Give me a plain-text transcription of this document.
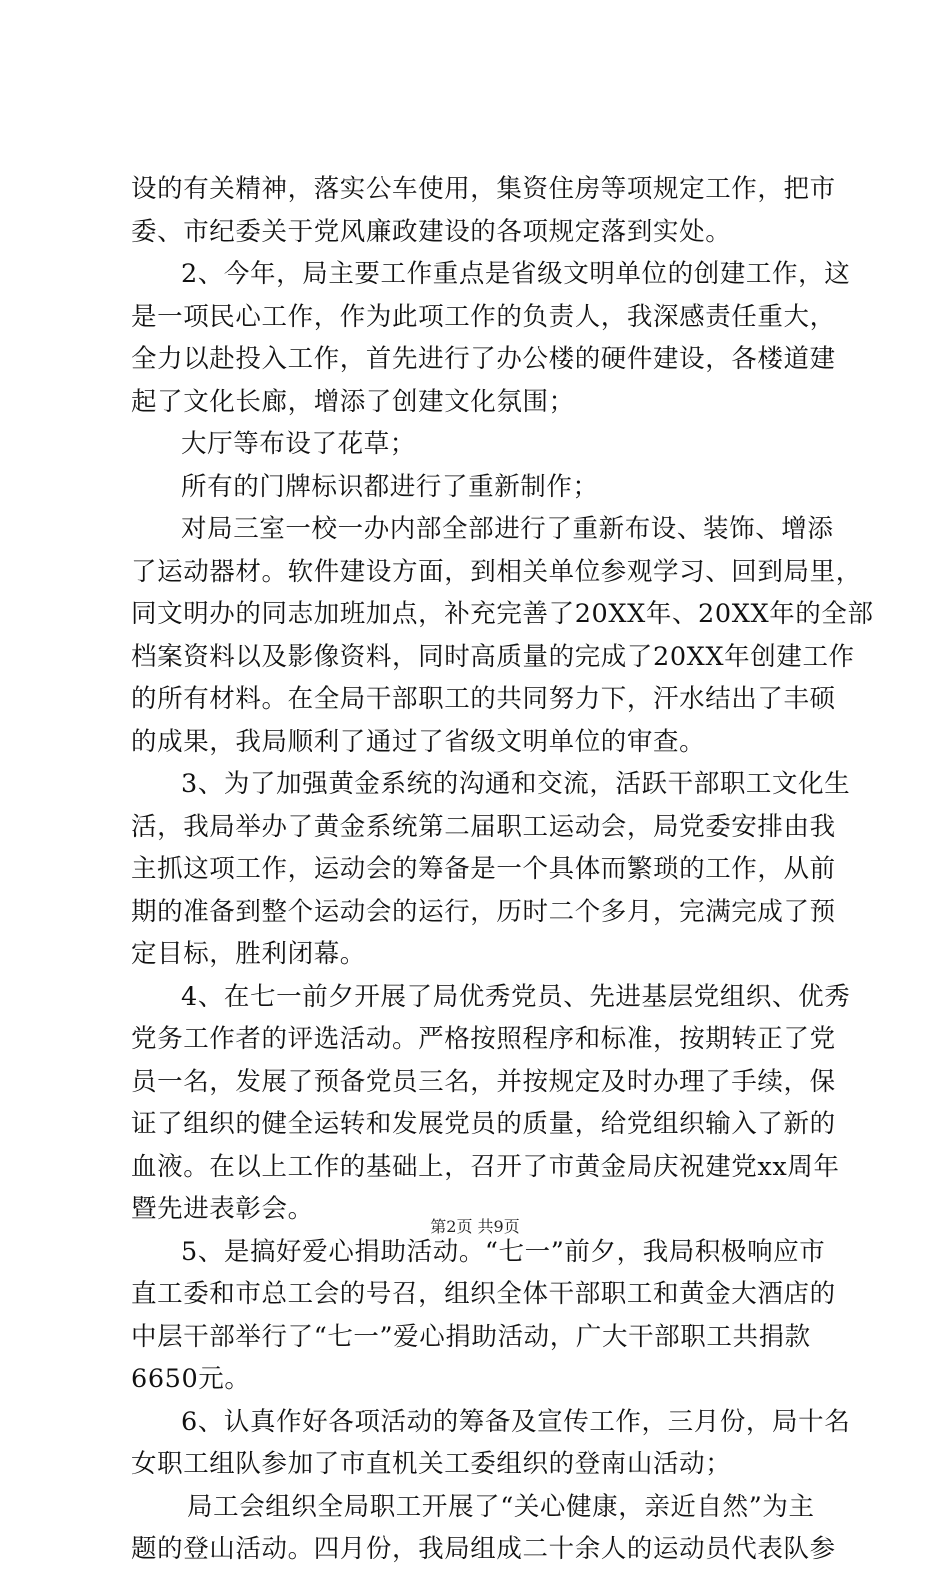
设的有关精神，落实公车使用，集资住房等项规定工作，把市
委、市纪委关于党风廉政建设的各项规定落到实处。
2、今年，局主要工作重点是省级文明单位的创建工作，这
是一项民心工作，作为此项工作的负责人，我深感责任重大，
全力以赴投入工作，首先进行了办公楼的硬件建设，各楼道建
起了文化长廊，增添了创建文化氛围；
大厅等布设了花草；
所有的门牌标识都进行了重新制作；
对局三室一校一办内部全部进行了重新布设、装饰、增添
了运动器材。软件建设方面，到相关单位参观学习、回到局里，
同文明办的同志加班加点，补充完善了20XX年、20XX年的全部
档案资料以及影像资料，同时高质量的完成了20XX年创建工作
的所有材料。在全局干部职工的共同努力下，汗水结出了丰硕
的成果，我局顺利了通过了省级文明单位的审查。
3、为了加强黄金系统的沟通和交流，活跃干部职工文化生
活，我局举办了黄金系统第二届职工运动会，局党委安排由我
主抓这项工作，运动会的筹备是一个具体而繁琐的工作，从前
期的准备到整个运动会的运行，历时二个多月，完满完成了预
定目标，胜利闭幕。
4、在七一前夕开展了局优秀党员、先进基层党组织、优秀
党务工作者的评选活动。严格按照程序和标准，按期转正了党
员一名，发展了预备党员三名，并按规定及时办理了手续，保
证了组织的健全运转和发展党员的质量，给党组织输入了新的
血液。在以上工作的基础上，召开了市黄金局庆祝建党xx周年
暨先进表彰会。
5、是搞好爱心捐助活动。“七一”前夕，我局积极响应市
直工委和市总工会的号召，组织全体干部职工和黄金大酒店的
中层干部举行了“七一”爱心捐助活动，广大干部职工共捐款
6650元。
6、认真作好各项活动的筹备及宣传工作，三月份，局十名
女职工组队参加了市直机关工委组织的登南山活动；
局工会组织全局职工开展了“关心健康，亲近自然”为主
题的登山活动。四月份，我局组成二十余人的运动员代表队参
第2页 共9页
